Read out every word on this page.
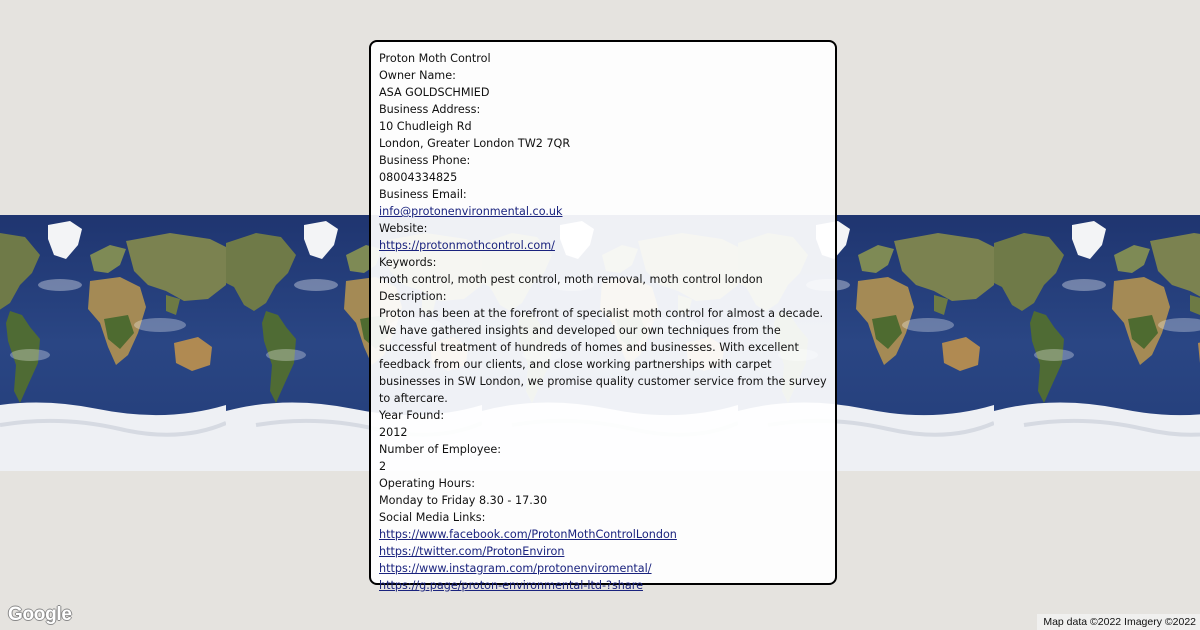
Proton Moth Control
Owner Name:
ASA GOLDSCHMIED
Business Address:
10 Chudleigh Rd
London, Greater London TW2 7QR
Business Phone:
08004334825
Business Email:
info@protonenvironmental.co.uk
Website:
https://protonmothcontrol.com/
Keywords:
moth control, moth pest control, moth removal, moth control london
Description:
Proton has been at the forefront of specialist moth control for almost a decade. We have gathered insights and developed our own techniques from the successful treatment of hundreds of homes and businesses. With excellent feedback from our clients, and close working partnerships with carpet businesses in SW London, we promise quality customer service from the survey to aftercare.
Year Found:
2012
Number of Employee:
2
Operating Hours:
Monday to Friday 8.30 - 17.30
Social Media Links:
https://www.facebook.com/ProtonMothControlLondon
https://twitter.com/ProtonEnviron
https://www.instagram.com/protonenviromental/
https://g.page/proton-environmental-ltd-?share
Google	Map data ©2022 Imagery ©2022
